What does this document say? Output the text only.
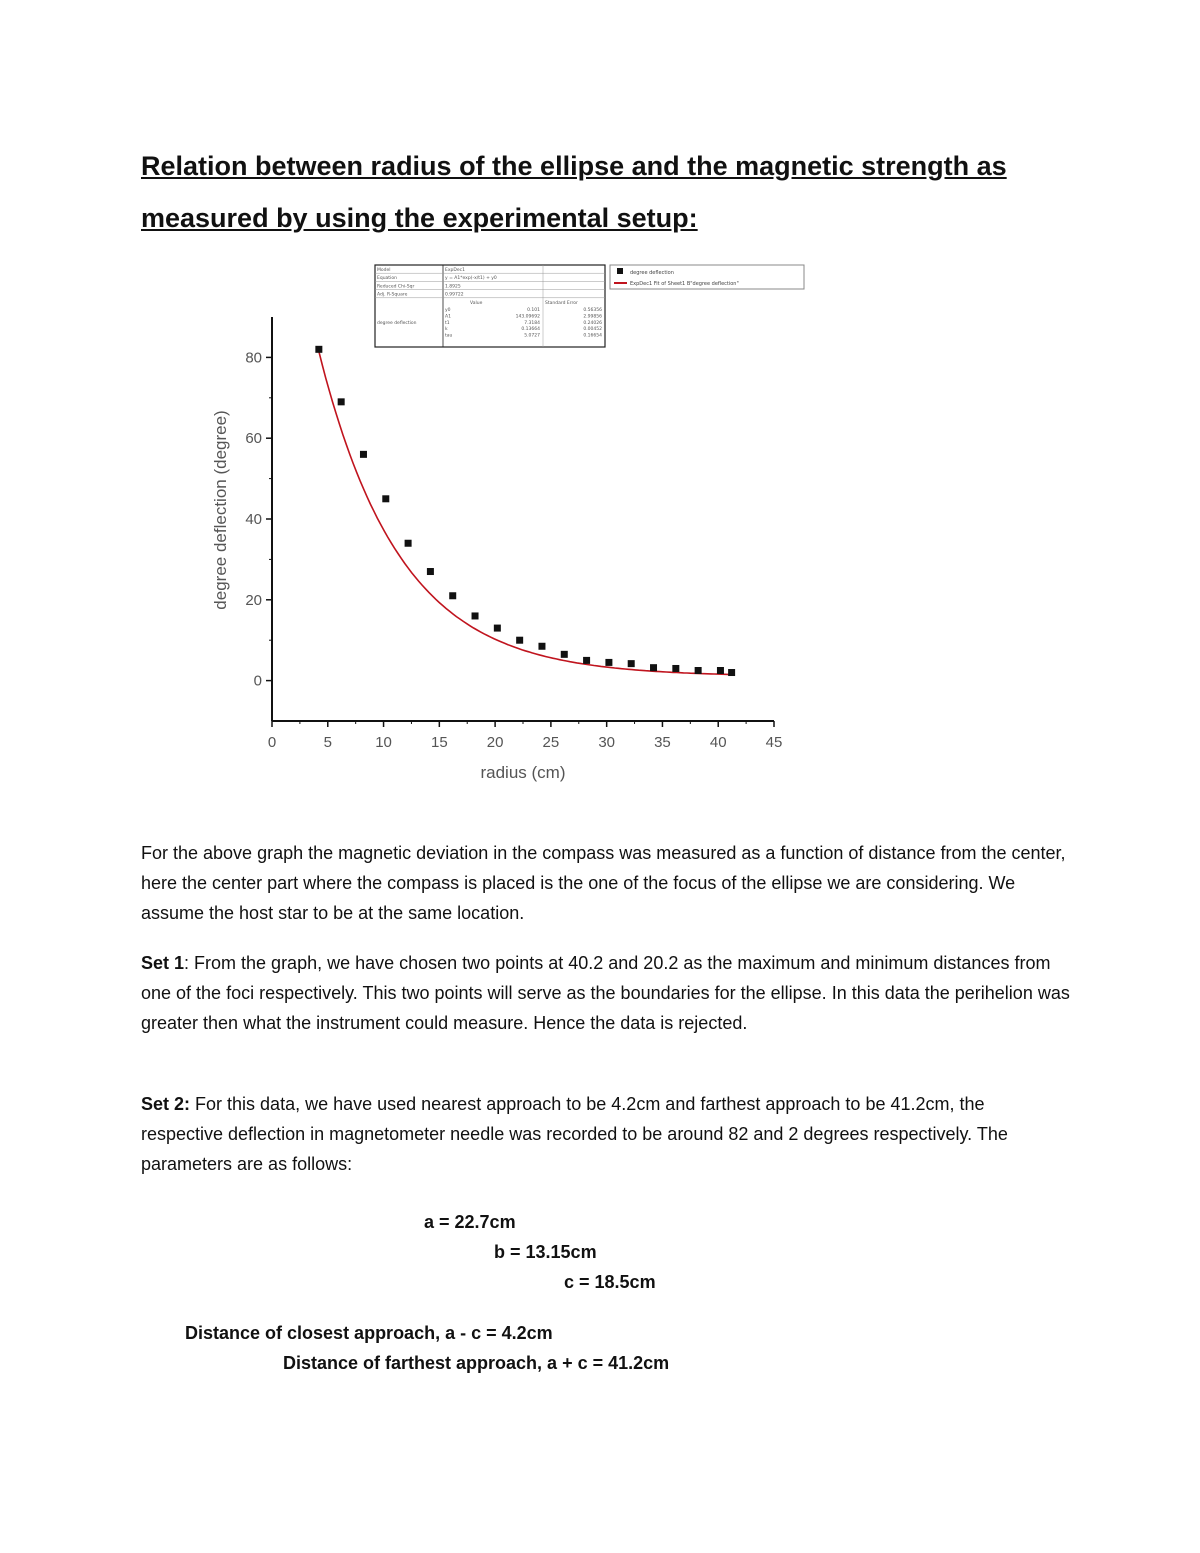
Relation between radius of the ellipse and the magnetic strength as
measured by using the experimental setup:
0	5	10	15	20	25	30	35	40	45
0
20
40
60
80
radius (cm)
degree deflection (degree)
Model	ExpDec1
Equation	y = A1*exp(-x/t1) + y0
Reduced Chi-Sqr	1.8925
Adj. R-Square	0.99722
Value	Standard Error
degree deflection
y0	0.101	0.56356
A1	143.09692	2.99856
t1	7.3184	0.24026
k	0.13664	0.00452
tau	5.0727	0.16654
degree deflection
ExpDec1 Fit of Sheet1 B"degree deflection"

For the above graph the magnetic deviation in the compass was measured as a function of distance from the center, here the center part where the compass is placed is the one of the focus of the ellipse we are considering. We assume the host star to be at the same location.

Set 1: From the graph, we have chosen two points at 40.2 and 20.2 as the maximum and minimum distances from one of the foci respectively. This two points will serve as the boundaries for the ellipse. In this data the perihelion was greater then what the instrument could measure. Hence the data is rejected.

Set 2: For this data, we have used nearest approach to be 4.2cm and farthest approach to be 41.2cm, the respective deflection in magnetometer needle was recorded to be around 82 and 2 degrees respectively. The parameters are as follows:

a = 22.7cm

b = 13.15cm

c = 18.5cm

Distance of closest approach, a - c = 4.2cm

Distance of farthest approach, a + c = 41.2cm
